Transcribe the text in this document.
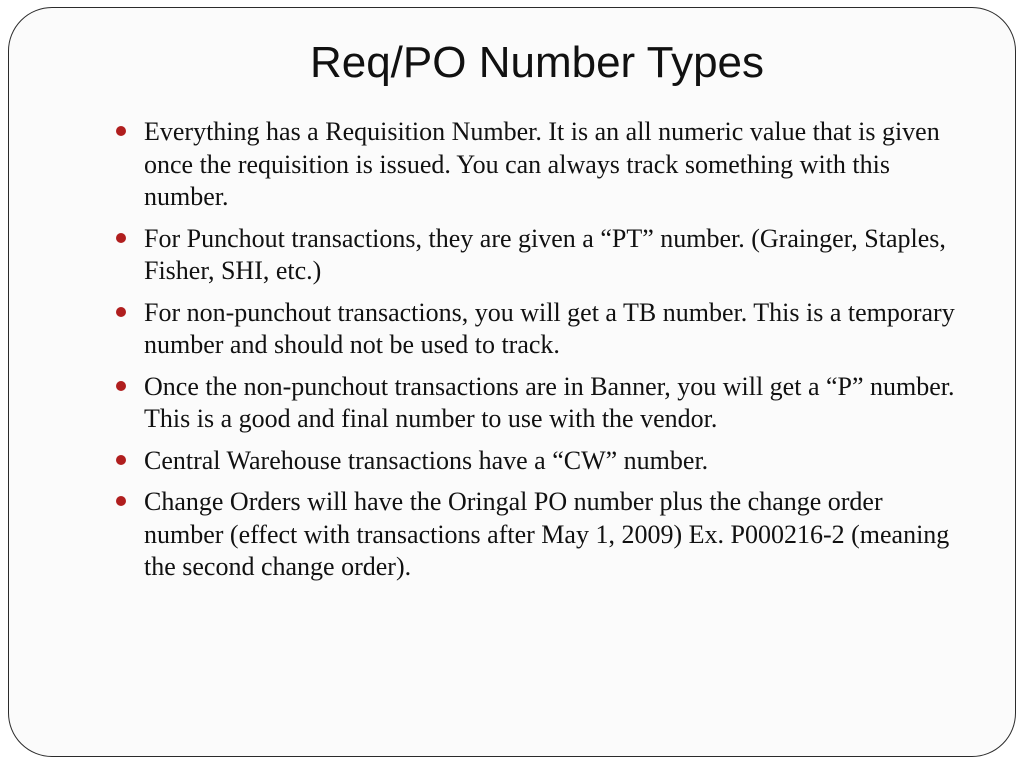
Req/PO Number Types
Everything has a Requisition Number. It is an all numeric value that is given once the requisition is issued. You can always track something with this number.
For Punchout transactions, they are given a “PT” number. (Grainger, Staples, Fisher, SHI, etc.)
For non-punchout transactions, you will get a TB number. This is a temporary number and should not be used to track.
Once the non-punchout transactions are in Banner, you will get a “P” number. This is a good and final number to use with the vendor.
Central Warehouse transactions have a “CW” number.
Change Orders will have the Oringal PO number plus the change order number (effect with transactions after May 1, 2009) Ex. P000216-2 (meaning the second change order).
